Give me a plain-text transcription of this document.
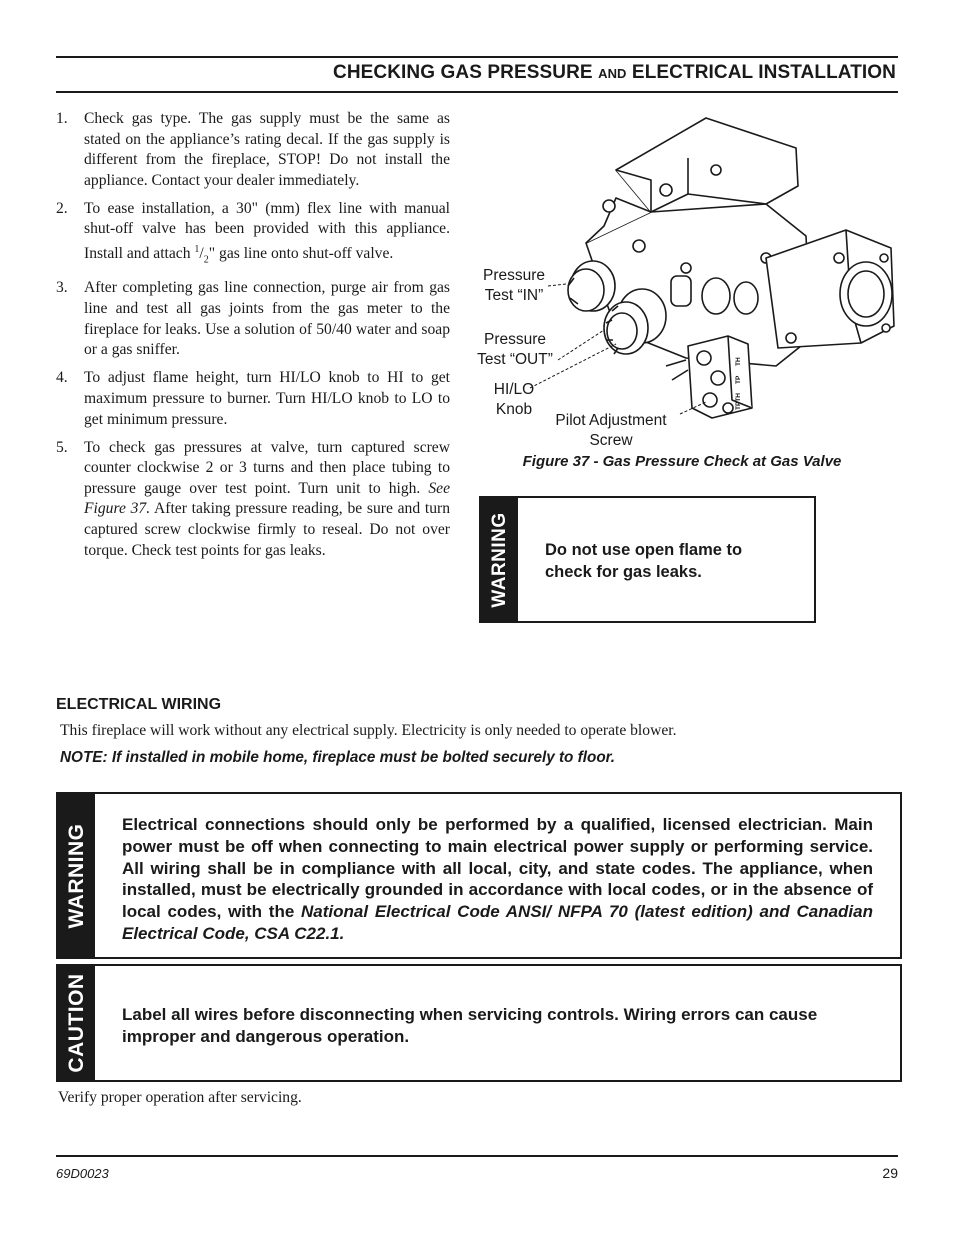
CHECKING GAS PRESSURE AND ELECTRICAL INSTALLATION
1. Check gas type. The gas supply must be the same as stated on the appliance’s rating decal. If the gas supply is different from the fireplace, STOP! Do not install the appliance. Contact your dealer immediately.
2. To ease installation, a 30" (mm) flex line with manual shut-off valve has been provided with this appliance. Install and attach $^1/_2$" gas line onto shut-off valve.
3. After completing gas line connection, purge air from gas line and test all gas joints from the gas meter to the fireplace for leaks. Use a solution of 50/40 water and soap or a gas sniffer.
4. To adjust flame height, turn HI/LO knob to HI to get maximum pressure to burner. Turn HI/LO knob to LO to get minimum pressure.
5. To check gas pressures at valve, turn captured screw counter clockwise 2 or 3 turns and then place tubing to pressure gauge over test point. Turn unit to high. See Figure 37. After taking pressure reading, be sure and turn captured screw clockwise firmly to reseal. Do not over torque. Check test points for gas leaks.
TH
TP
TPTH
Pressure
Test “IN”
Pressure
Test “OUT”
HI/LO
Knob
Pilot Adjustment
Screw
Figure 37 - Gas Pressure Check at Gas Valve
WARNING Do not use open flame to
check for gas leaks.
ELECTRICAL WIRING
This fireplace will work without any electrical supply. Electricity is only needed to operate blower.
NOTE: If installed in mobile home, fireplace must be bolted securely to floor.
WARNING Electrical connections should only be performed by a qualified, licensed electrician. Main power must be off when connecting to main electrical power supply or performing service. All wiring shall be in compliance with all local, city, and state codes. The appliance, when installed, must be electrically grounded in accordance with local codes, or in the absence of local codes, with the National Electrical Code ANSI/ NFPA 70 (latest edition) and Canadian Electrical Code, CSA C22.1.
CAUTION Label all wires before disconnecting when servicing controls. Wiring errors can cause improper and dangerous operation.
Verify proper operation after servicing.
69D0023	29
